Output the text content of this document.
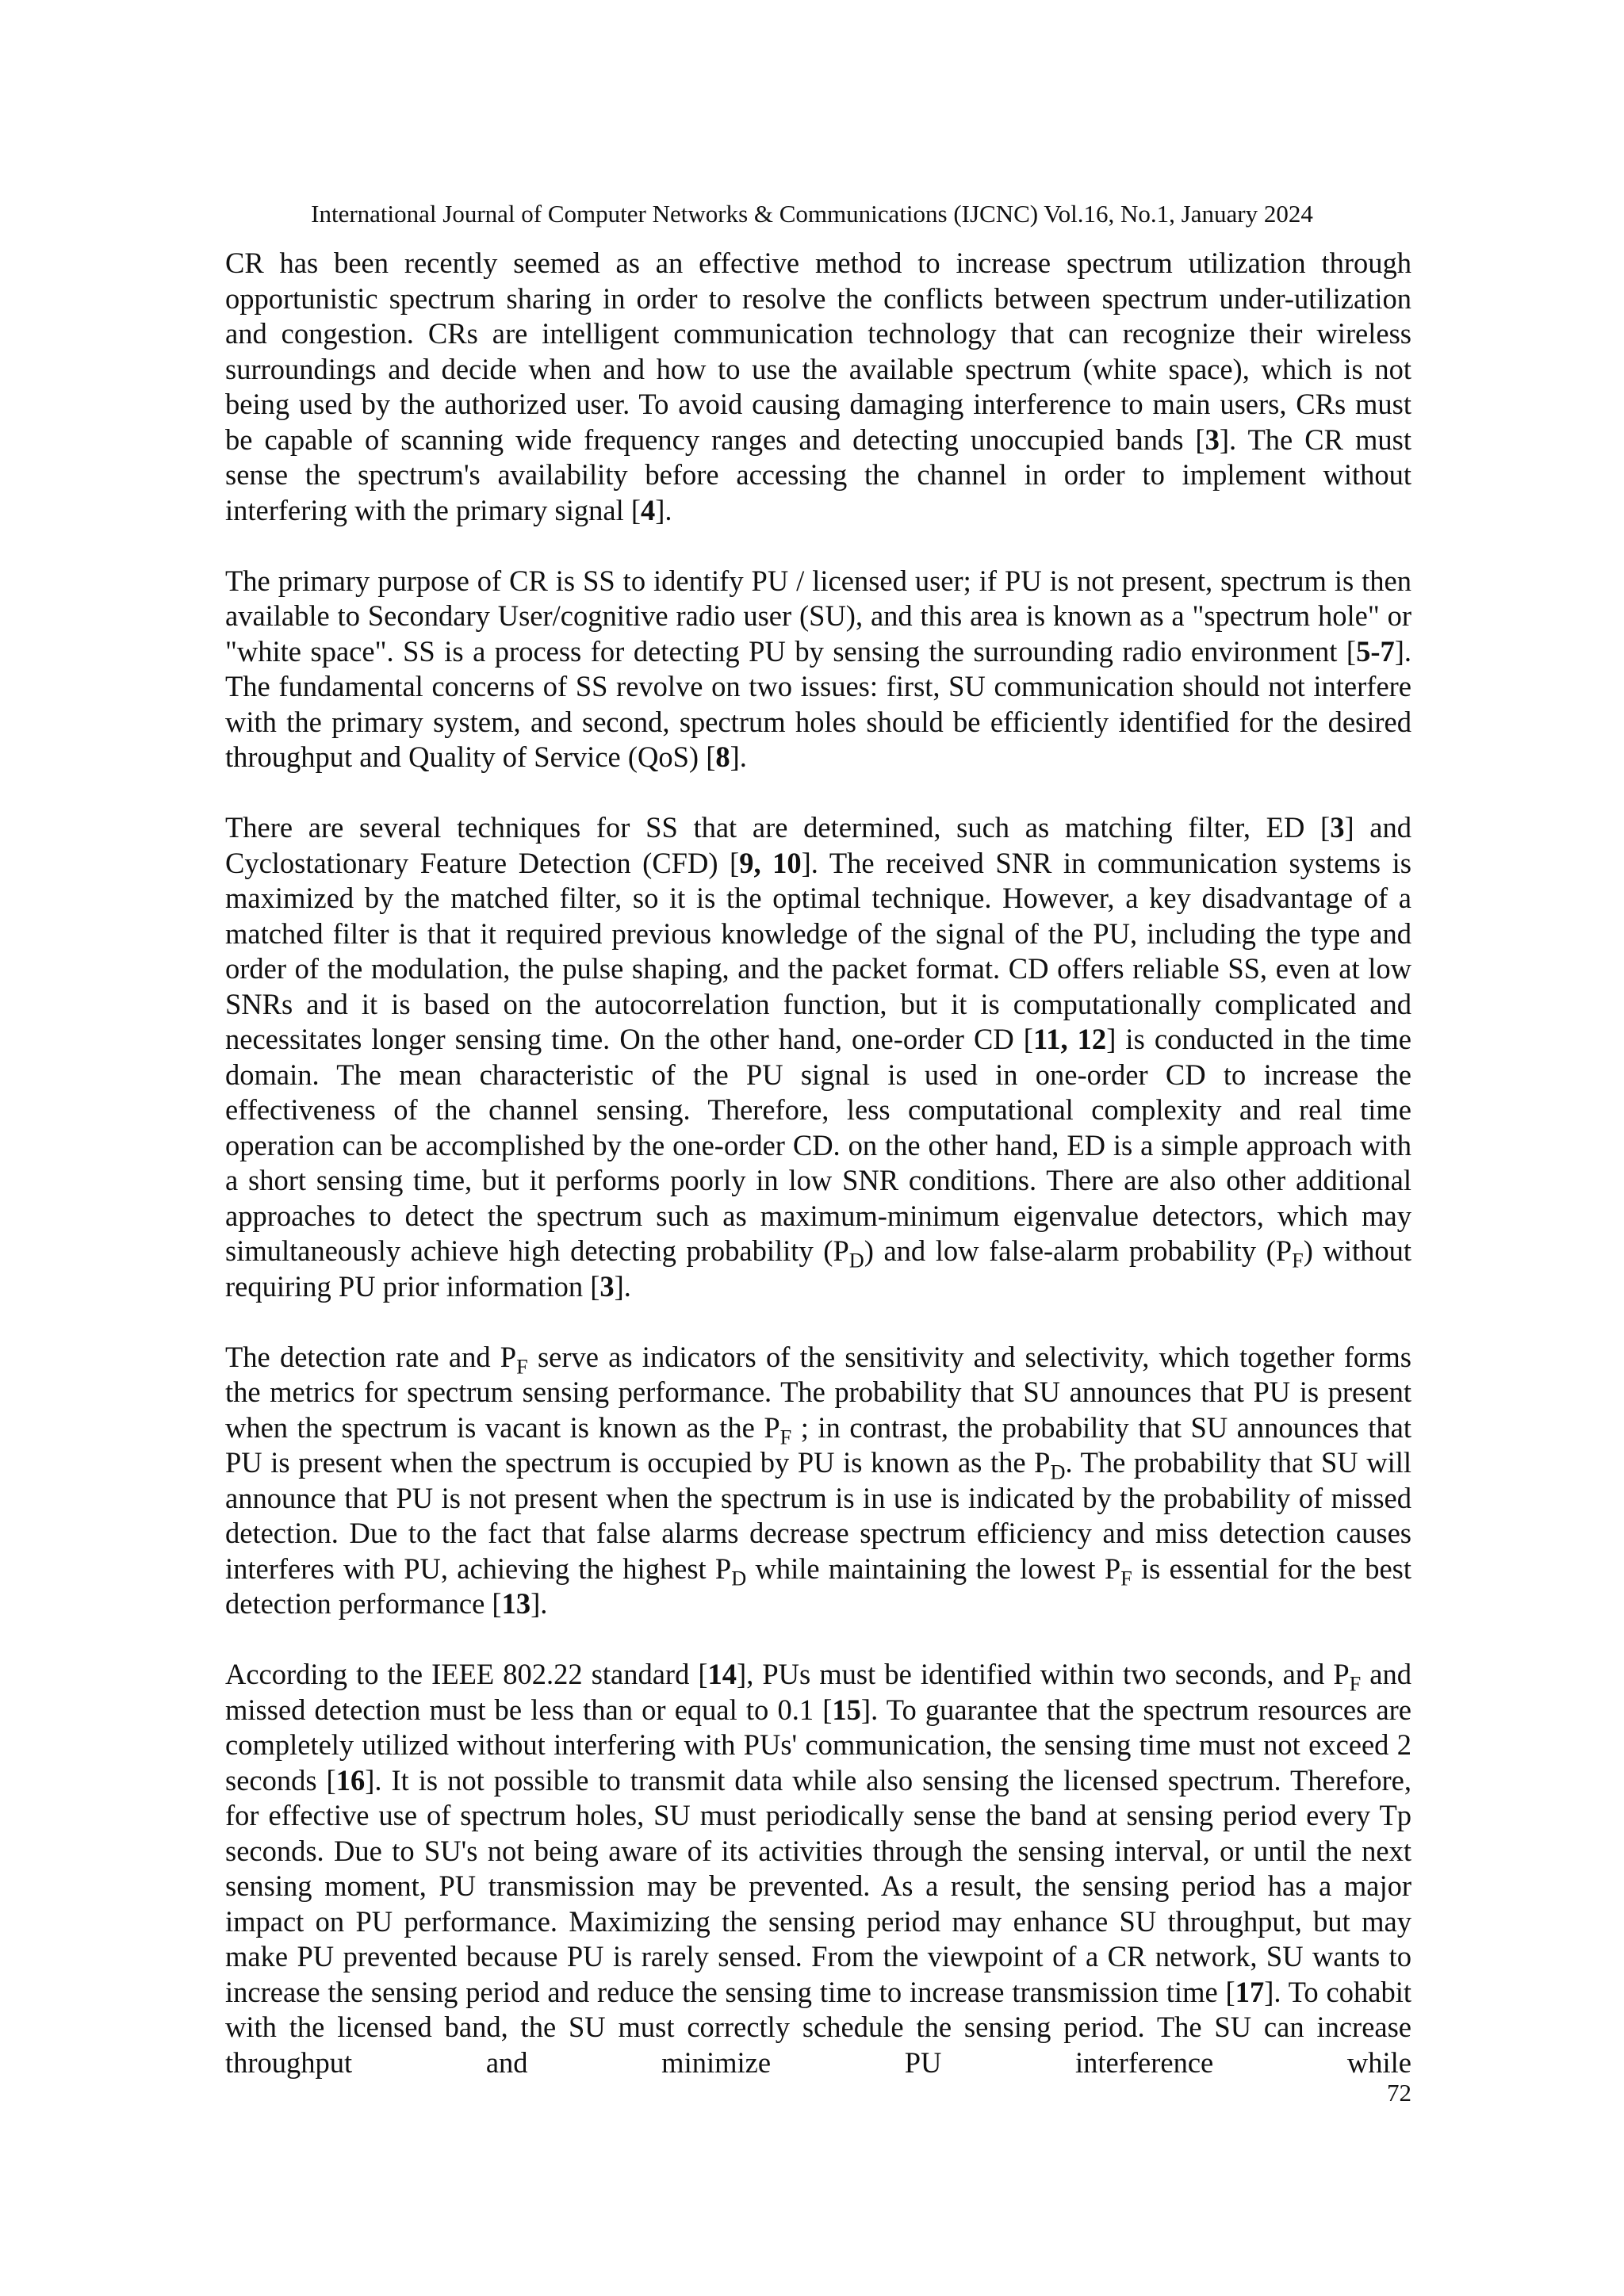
International Journal of Computer Networks & Communications (IJCNC) Vol.16, No.1, January 2024

CR has been recently seemed as an effective method to increase spectrum utilization through opportunistic spectrum sharing in order to resolve the conflicts between spectrum under-utilization and congestion. CRs are intelligent communication technology that can recognize their wireless surroundings and decide when and how to use the available spectrum (white space), which is not being used by the authorized user. To avoid causing damaging interference to main users, CRs must be capable of scanning wide frequency ranges and detecting unoccupied bands [3]. The CR must sense the spectrum's availability before accessing the channel in order to implement without interfering with the primary signal [4].

The primary purpose of CR is SS to identify PU / licensed user; if PU is not present, spectrum is then available to Secondary User/cognitive radio user (SU), and this area is known as a "spectrum hole" or "white space". SS is a process for detecting PU by sensing the surrounding radio environment [5-7]. The fundamental concerns of SS revolve on two issues: first, SU communication should not interfere with the primary system, and second, spectrum holes should be efficiently identified for the desired throughput and Quality of Service (QoS) [8].

There are several techniques for SS that are determined, such as matching filter, ED [3] and Cyclostationary Feature Detection (CFD) [9, 10]. The received SNR in communication systems is maximized by the matched filter, so it is the optimal technique. However, a key disadvantage of a matched filter is that it required previous knowledge of the signal of the PU, including the type and order of the modulation, the pulse shaping, and the packet format. CD offers reliable SS, even at low SNRs and it is based on the autocorrelation function, but it is computationally complicated and necessitates longer sensing time. On the other hand, one-order CD [11, 12] is conducted in the time domain. The mean characteristic of the PU signal is used in one-order CD to increase the effectiveness of the channel sensing. Therefore, less computational complexity and real time operation can be accomplished by the one-order CD. on the other hand, ED is a simple approach with a short sensing time, but it performs poorly in low SNR conditions. There are also other additional approaches to detect the spectrum such as maximum-minimum eigenvalue detectors, which may simultaneously achieve high detecting probability $(P_D)$ and low false-alarm probability $(P_F)$ without requiring PU prior information [3].

The detection rate and $P_F$ serve as indicators of the sensitivity and selectivity, which together forms the metrics for spectrum sensing performance. The probability that SU announces that PU is present when the spectrum is vacant is known as the $P_F$ ; in contrast, the probability that SU announces that PU is present when the spectrum is occupied by PU is known as the $P_D$. The probability that SU will announce that PU is not present when the spectrum is in use is indicated by the probability of missed detection. Due to the fact that false alarms decrease spectrum efficiency and miss detection causes interferes with PU, achieving the highest $P_D$ while maintaining the lowest $P_F$ is essential for the best detection performance [13].

According to the IEEE 802.22 standard [14], PUs must be identified within two seconds, and $P_F$ and missed detection must be less than or equal to 0.1 [15]. To guarantee that the spectrum resources are completely utilized without interfering with PUs' communication, the sensing time must not exceed 2 seconds [16]. It is not possible to transmit data while also sensing the licensed spectrum. Therefore, for effective use of spectrum holes, SU must periodically sense the band at sensing period every Tp seconds. Due to SU's not being aware of its activities through the sensing interval, or until the next sensing moment, PU transmission may be prevented. As a result, the sensing period has a major impact on PU performance. Maximizing the sensing period may enhance SU throughput, but may make PU prevented because PU is rarely sensed. From the viewpoint of a CR network, SU wants to increase the sensing period and reduce the sensing time to increase transmission time [17]. To cohabit with the licensed band, the SU must correctly schedule the sensing period. The SU can increase throughput and minimize PU interference while

72
